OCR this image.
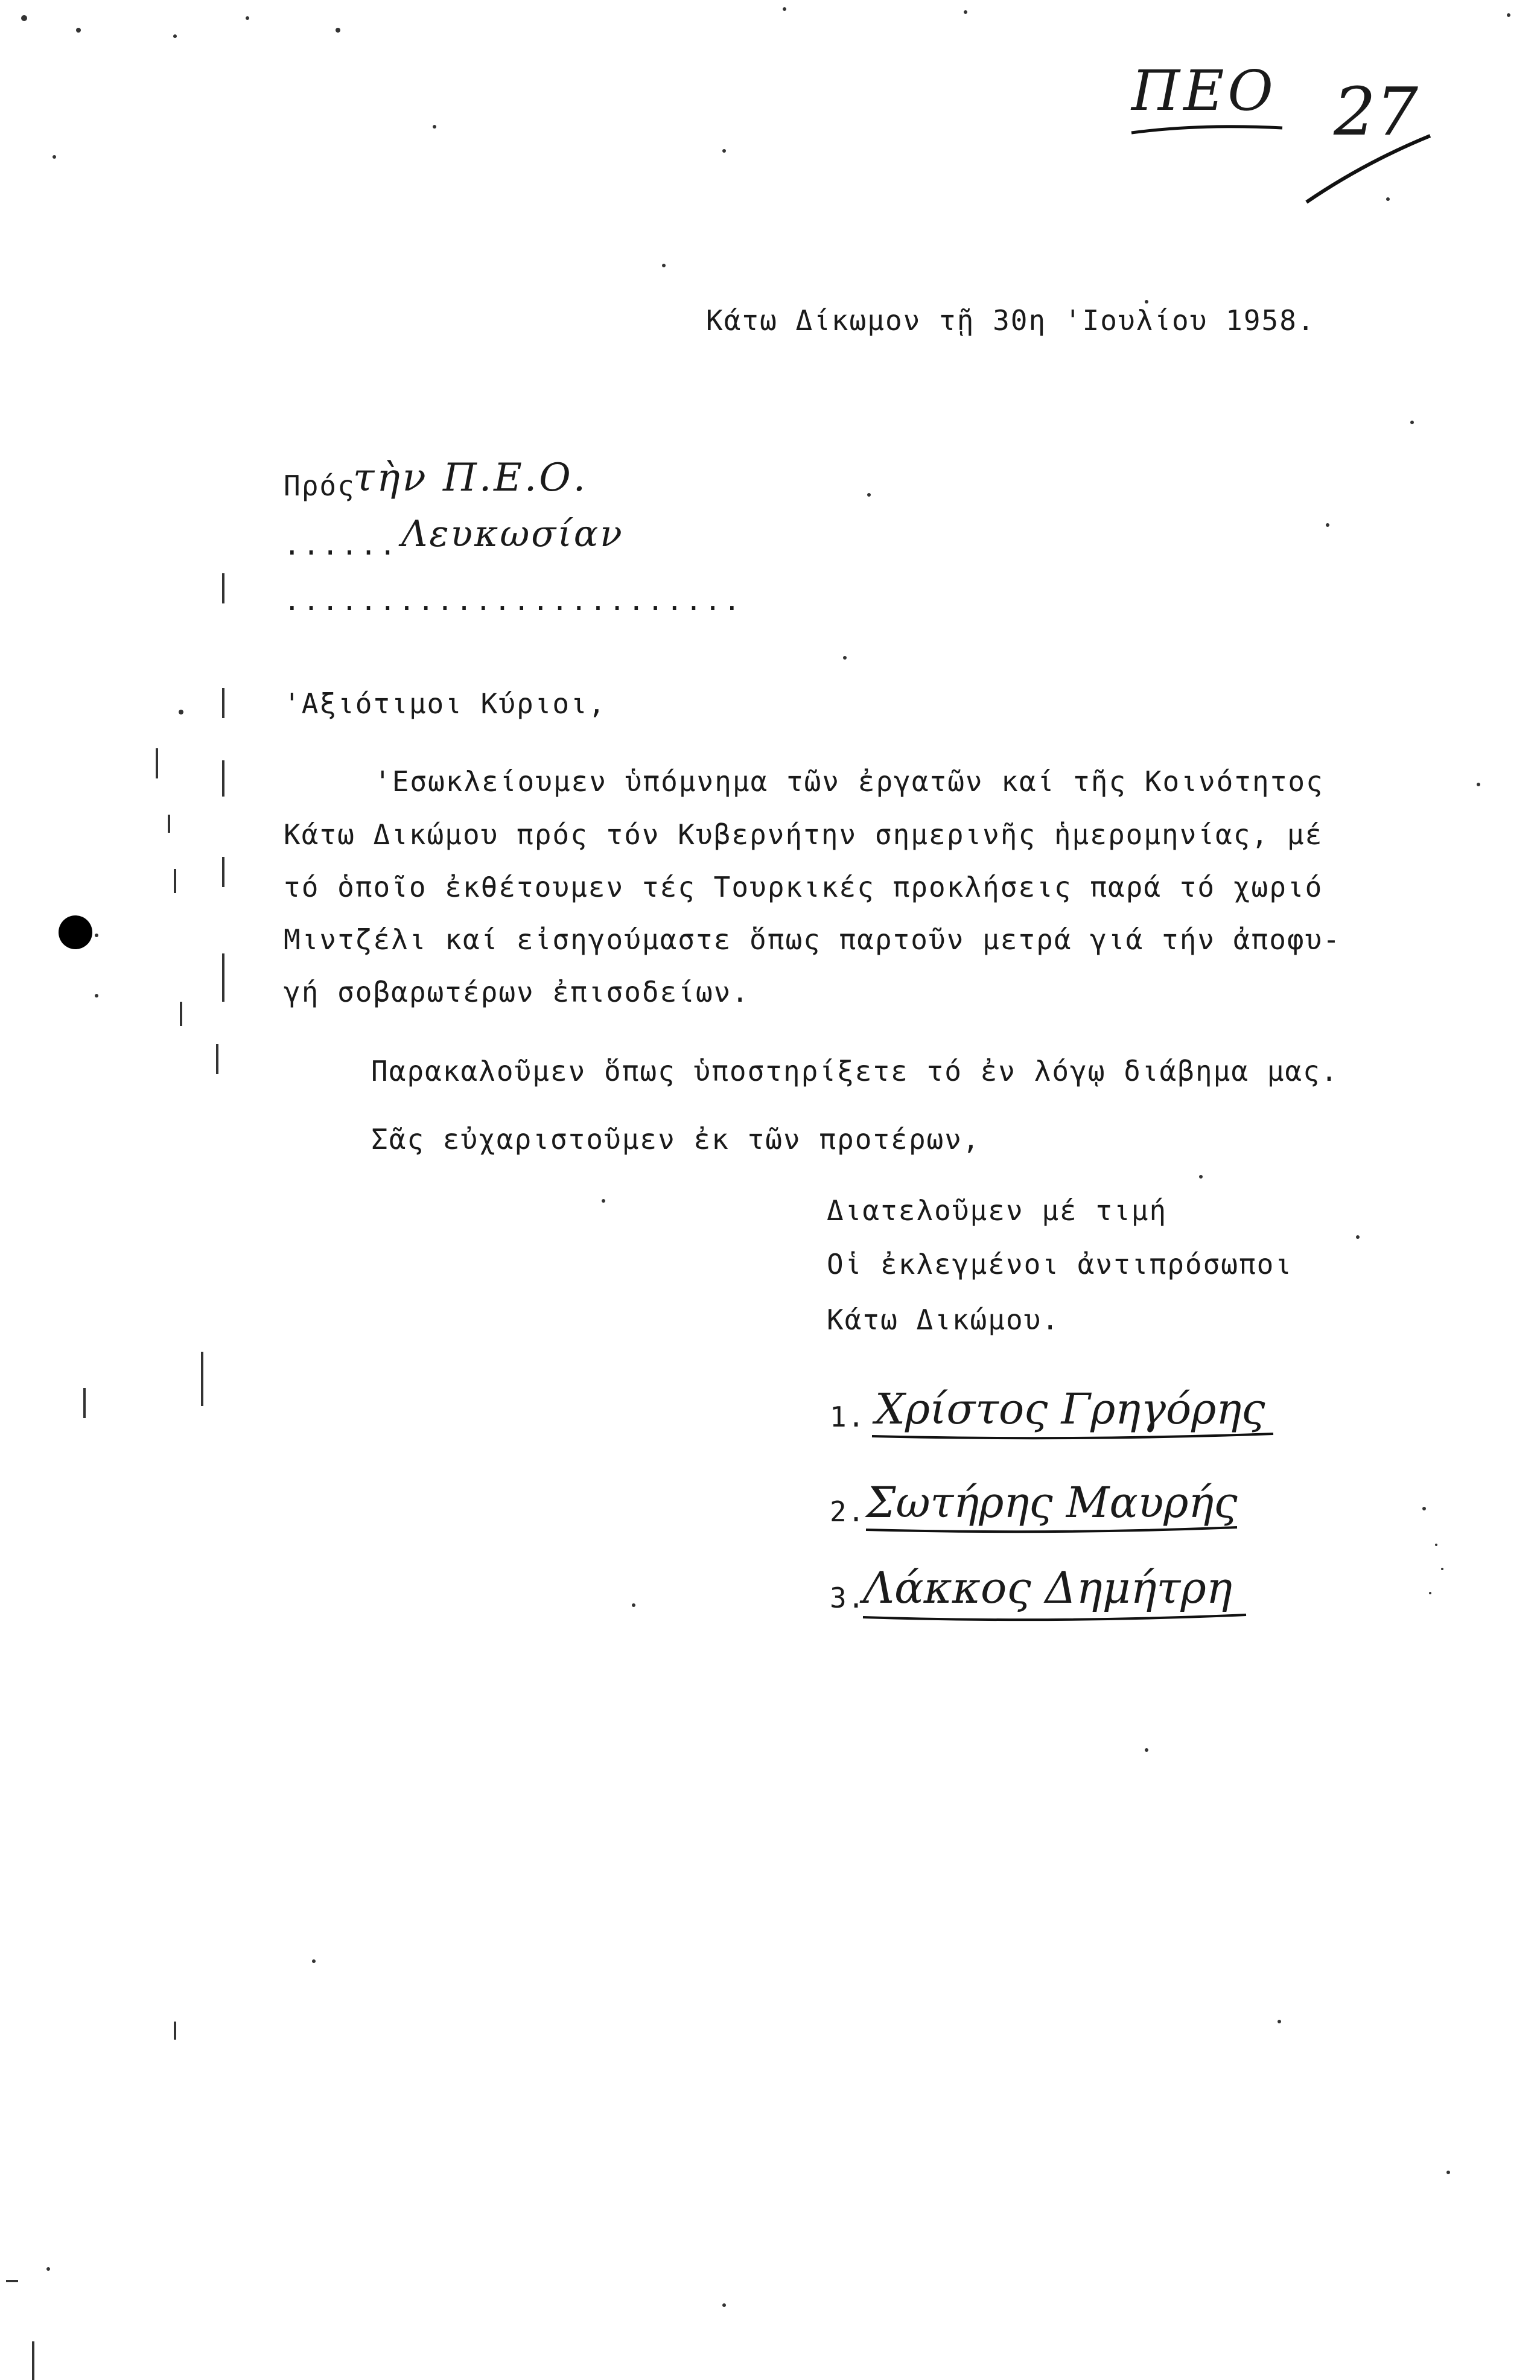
ΠΕΟ 27
Κάτω Δίκωμον τῇ 30η 'Ιουλίου 1958.
Πρός
τὴν Π.Ε.Ο.
...... Λευκωσίαν
........................
'Αξιότιμοι Κύριοι,
'Εσωκλείουμεν ὑπόμνημα τῶν ἐργατῶν καί τῆς Κοινότητος
Κάτω Δικώμου πρός τόν Κυβερνήτην σημερινῆς ἡμερομηνίας, μέ
τό ὁποῖο ἐκθέτουμεν τές Τουρκικές προκλήσεις παρά τό χωριό
Μιντζέλι καί εἰσηγούμαστε ὅπως παρτοῦν μετρά γιά τήν ἀποφυ-
γή σοβαρωτέρων ἐπισοδείων.
Παρακαλοῦμεν ὅπως ὑποστηρίξετε τό ἐν λόγῳ διάβημα μας.
Σᾶς εὐχαριστοῦμεν ἐκ τῶν προτέρων,
Διατελοῦμεν μέ τιμή
Οἱ ἐκλεγμένοι ἀντιπρόσωποι
Κάτω Δικώμου.
1. Χρίστος Γρηγόρης
2. Σωτήρης Μαυρής
3.
Λάκκος Δημήτρη
